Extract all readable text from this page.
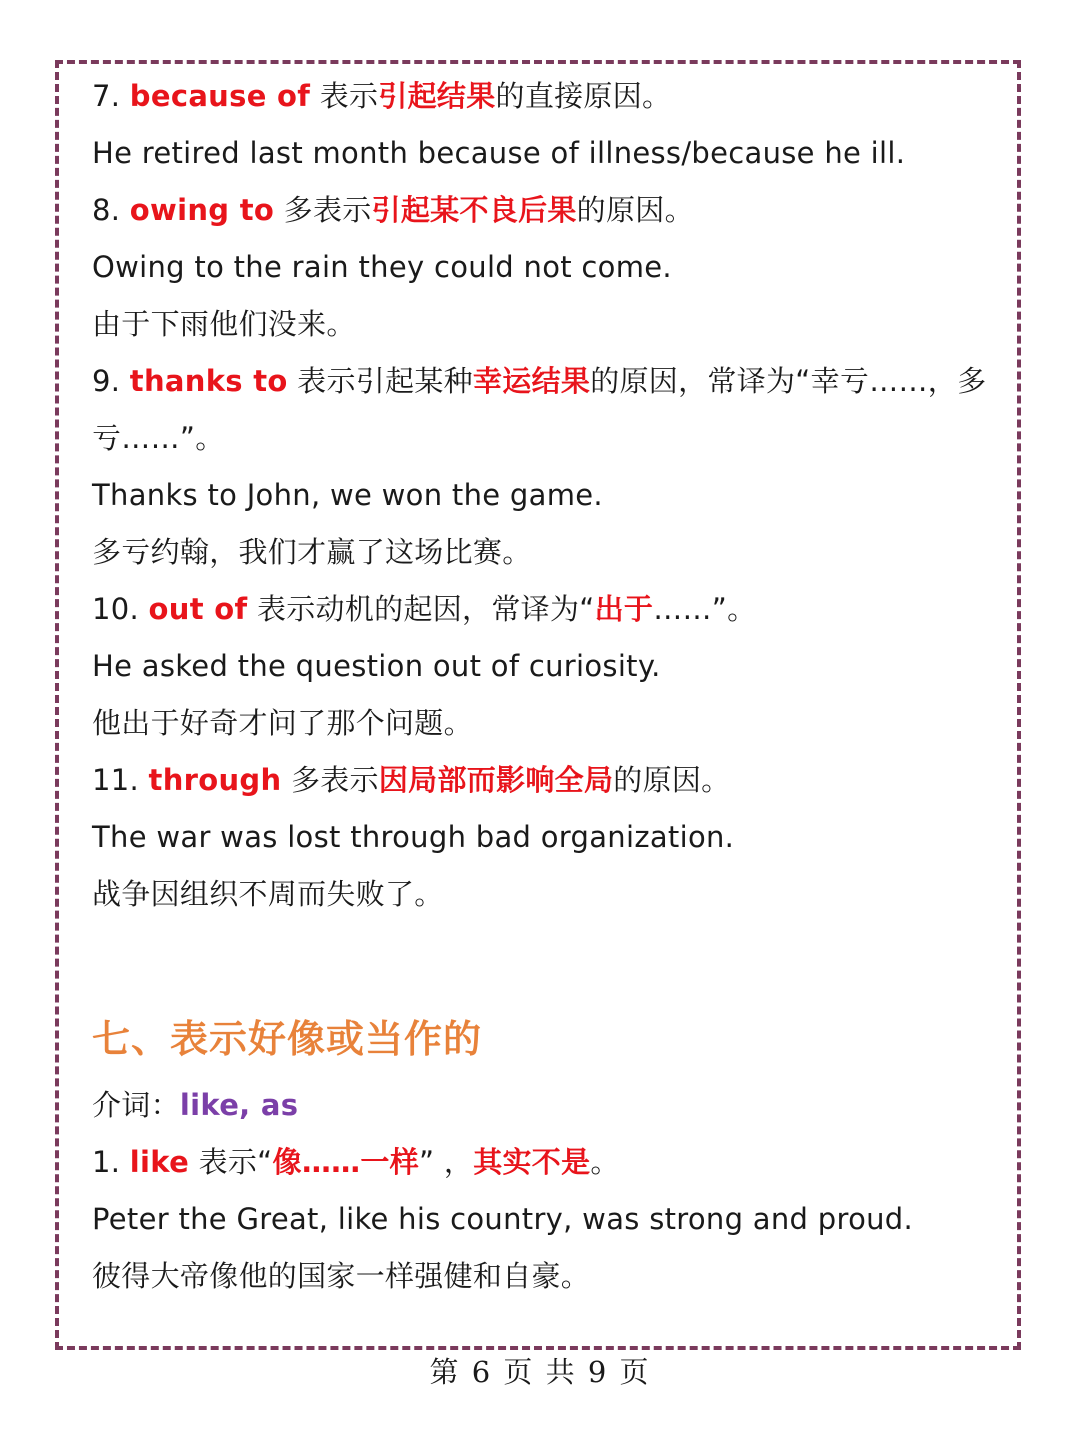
7. because of 表示引起结果的直接原因。
He retired last month because of illness/because he ill.
8. owing to 多表示引起某不良后果的原因。
Owing to the rain they could not come.
由于下雨他们没来。
9. thanks to 表示引起某种幸运结果的原因，常译为“幸亏……，多亏……”。
Thanks to John, we won the game.
多亏约翰，我们才赢了这场比赛。
10. out of 表示动机的起因，常译为“出于……”。
He asked the question out of curiosity.
他出于好奇才问了那个问题。
11. through 多表示因局部而影响全局的原因。
The war was lost through bad organization.
战争因组织不周而失败了。
七、表示好像或当作的
介词：like, as
1. like 表示“像……一样” ，其实不是。
Peter the Great, like his country, was strong and proud.
彼得大帝像他的国家一样强健和自豪。
第 6 页 共 9 页
